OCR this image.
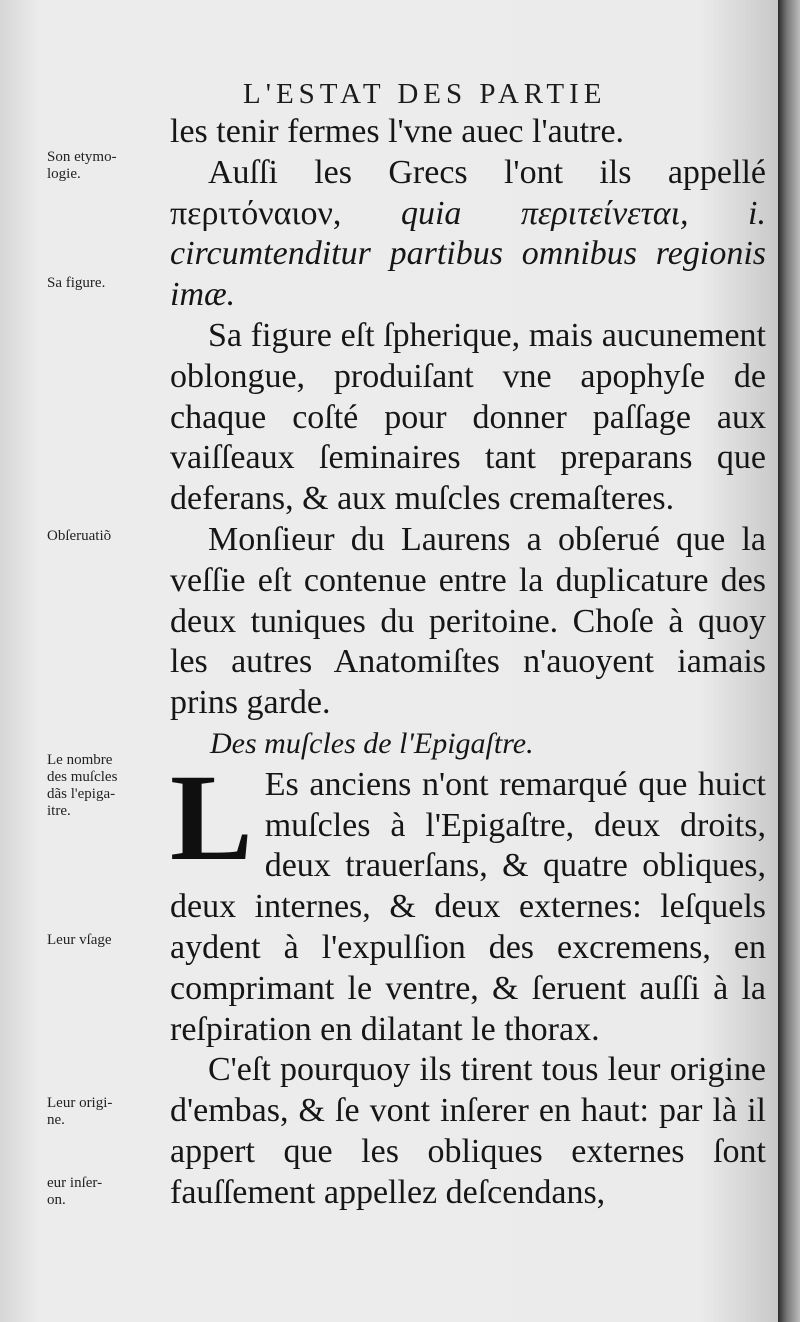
L'ESTAT DES PARTIE
Son etymo-
logie.
Sa figure.
Obſeruatiõ
Le nombre
des muſcles
dãs l'epiga-
itre.
Leur vſage
Leur origi-
ne.
eur inſer-
on.

les tenir fermes l'vne auec l'autre.

Auſſi les Grecs l'ont ils appellé περιτόναιον, quia περιτείνεται, i. circumtenditur partibus omnibus regionis imæ.

Sa figure eſt ſpherique, mais aucunement oblongue, produiſant vne apophyſe de chaque coſté pour donner paſſage aux vaiſſeaux ſeminaires tant preparans que deferans, & aux muſcles cremaſteres.

Monſieur du Laurens a obſerué que la veſſie eſt contenue entre la duplicature des deux tuniques du peritoine. Choſe à quoy les autres Anatomiſtes n'auoyent iamais prins garde.

Des muſcles de l'Epigaſtre.

L Es anciens n'ont remarqué que huict muſcles à l'Epigaſtre, deux droits, deux trauerſans, & quatre obliques, deux internes, & deux externes: leſquels aydent à l'expulſion des excremens, en comprimant le ventre, & ſeruent auſſi à la reſpiration en dilatant le thorax.

C'eſt pourquoy ils tirent tous leur origine d'embas, & ſe vont inſerer en haut: par là il appert que les obliques externes ſont fauſſement appellez deſcendans,
